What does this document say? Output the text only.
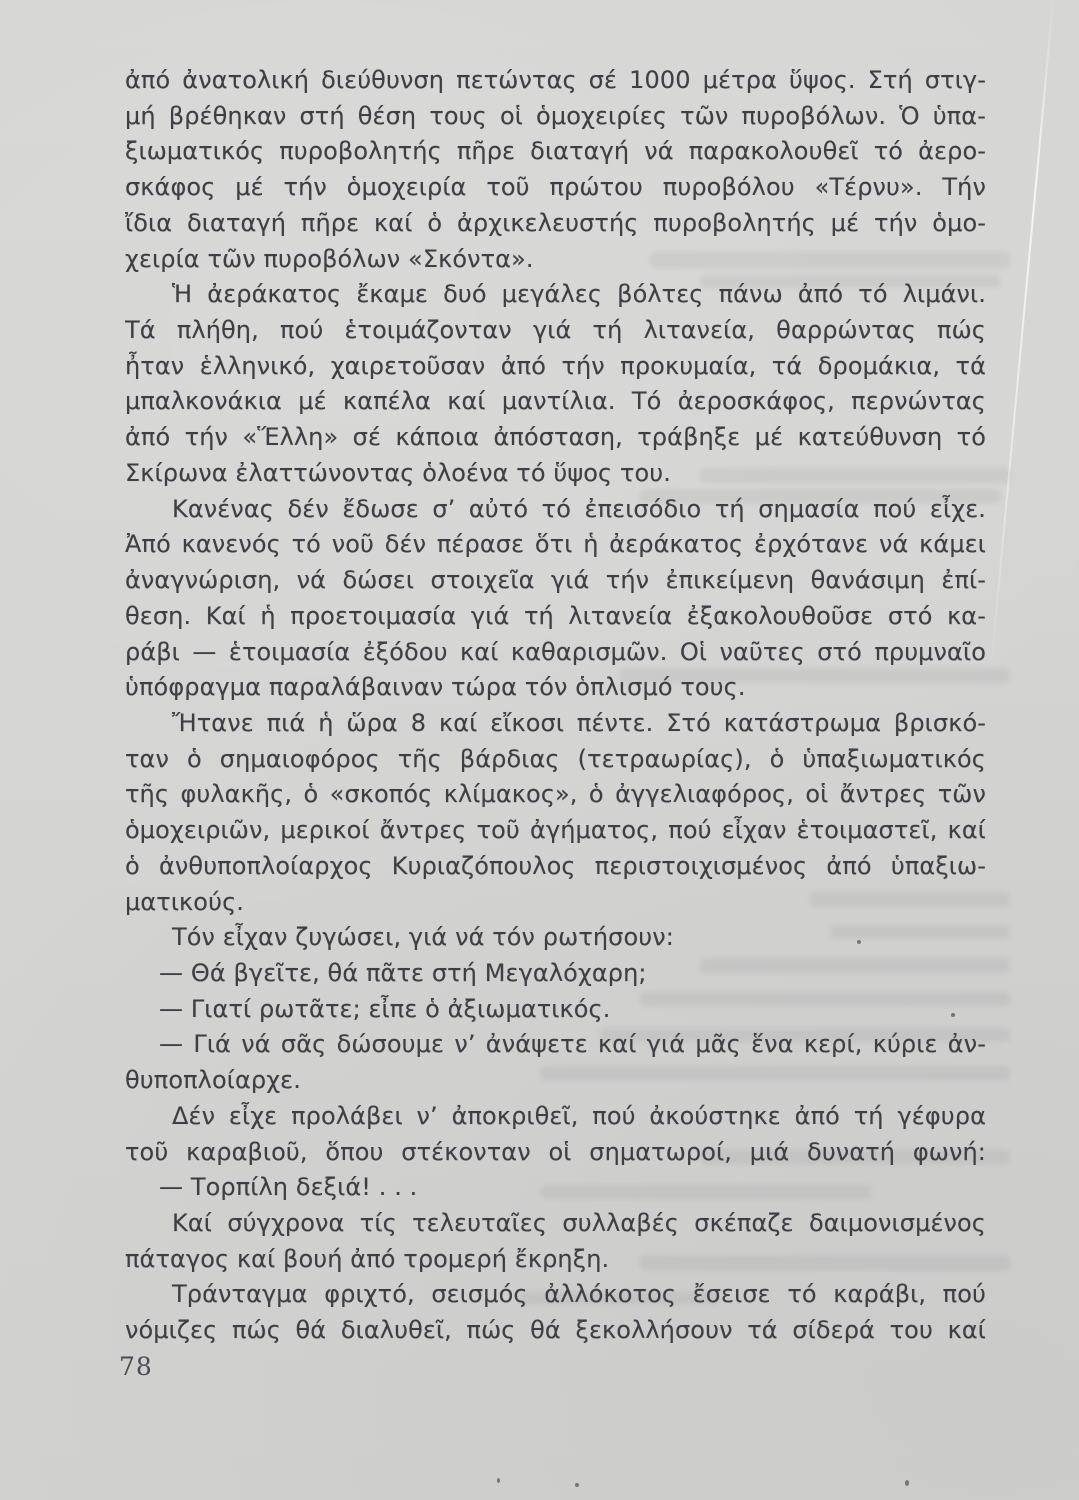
ἀπό ἀνατολική διεύθυνση πετώντας σέ 1000 μέτρα ὕψος. Στή στιγ-
μή βρέθηκαν στή θέση τους οἱ ὁμοχειρίες τῶν πυροβόλων. Ὁ ὑπα-
ξιωματικός πυροβολητής πῆρε διαταγή νά παρακολουθεῖ τό ἀερο-
σκάφος μέ τήν ὁμοχειρία τοῦ πρώτου πυροβόλου «Τέρνυ». Τήν
ἴδια διαταγή πῆρε καί ὁ ἀρχικελευστής πυροβολητής μέ τήν ὁμο-
χειρία τῶν πυροβόλων «Σκόντα».
Ἡ ἀεράκατος ἔκαμε δυό μεγάλες βόλτες πάνω ἀπό τό λιμάνι.
Τά πλήθη, πού ἑτοιμάζονταν γιά τή λιτανεία, θαρρώντας πώς
ἦταν ἑλληνικό, χαιρετοῦσαν ἀπό τήν προκυμαία, τά δρομάκια, τά
μπαλκονάκια μέ καπέλα καί μαντίλια. Τό ἀεροσκάφος, περνώντας
ἀπό τήν «Ἕλλη» σέ κάποια ἀπόσταση, τράβηξε μέ κατεύθυνση τό
Σκίρωνα ἐλαττώνοντας ὁλοένα τό ὕψος του.
Κανένας δέν ἔδωσε σ’ αὐτό τό ἐπεισόδιο τή σημασία πού εἶχε.
Ἀπό κανενός τό νοῦ δέν πέρασε ὅτι ἡ ἀεράκατος ἐρχότανε νά κάμει
ἀναγνώριση, νά δώσει στοιχεῖα γιά τήν ἐπικείμενη θανάσιμη ἐπί-
θεση. Καί ἡ προετοιμασία γιά τή λιτανεία ἐξακολουθοῦσε στό κα-
ράβι — ἑτοιμασία ἐξόδου καί καθαρισμῶν. Οἱ ναῦτες στό πρυμναῖο
ὑπόφραγμα παραλάβαιναν τώρα τόν ὁπλισμό τους.
Ἤτανε πιά ἡ ὥρα 8 καί εἴκοσι πέντε. Στό κατάστρωμα βρισκό-
ταν ὁ σημαιοφόρος τῆς βάρδιας (τετραωρίας), ὁ ὑπαξιωματικός
τῆς φυλακῆς, ὁ «σκοπός κλίμακος», ὁ ἀγγελιαφόρος, οἱ ἄντρες τῶν
ὁμοχειριῶν, μερικοί ἄντρες τοῦ ἀγήματος, πού εἶχαν ἑτοιμαστεῖ, καί
ὁ ἀνθυποπλοίαρχος Κυριαζόπουλος περιστοιχισμένος ἀπό ὑπαξιω-
ματικούς.
Τόν εἶχαν ζυγώσει, γιά νά τόν ρωτήσουν:
— Θά βγεῖτε, θά πᾶτε στή Μεγαλόχαρη;
— Γιατί ρωτᾶτε; εἶπε ὁ ἀξιωματικός.
— Γιά νά σᾶς δώσουμε ν’ ἀνάψετε καί γιά μᾶς ἕνα κερί, κύριε ἀν-
θυποπλοίαρχε.
Δέν εἶχε προλάβει ν’ ἀποκριθεῖ, πού ἀκούστηκε ἀπό τή γέφυρα
τοῦ καραβιοῦ, ὅπου στέκονταν οἱ σηματωροί, μιά δυνατή φωνή:
— Τορπίλη δεξιά! . . .
Καί σύγχρονα τίς τελευταῖες συλλαβές σκέπαζε δαιμονισμένος
πάταγος καί βουή ἀπό τρομερή ἔκρηξη.
Τράνταγμα φριχτό, σεισμός ἀλλόκοτος ἔσεισε τό καράβι, πού
νόμιζες πώς θά διαλυθεῖ, πώς θά ξεκολλήσουν τά σίδερά του καί
78
